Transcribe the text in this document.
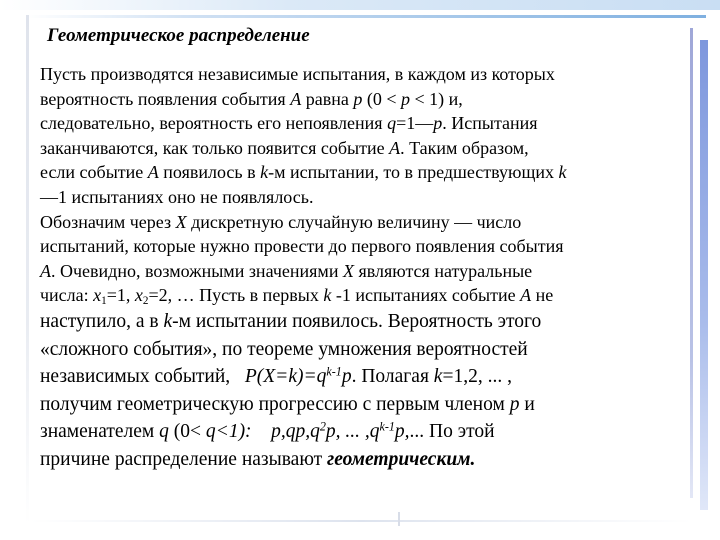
Геометрическое распределение

Пусть производятся независимые испытания, в каждом из которых
вероятность появления события А равна р (0 < р < 1) и,
следовательно, вероятность его непоявления q=1—p. Испытания
заканчиваются, как только появится событие А. Таким образом,
если событие А появилось в k-м испытании, то в предшествующих k
—1 испытаниях оно не появлялось.

Обозначим через X дискретную случайную величину — число
испытаний, которые нужно провести до первого появления события
А. Очевидно, возможными значениями X являются натуральные
числа: $x_1=1$, $x_2=2$, … Пусть в первых k -1 испытаниях событие А не

наступило, а в k-м испытании появилось. Вероятность этого
«сложного события», по теореме умножения вероятностей
независимых событий,   $P(X=k)=q^{k-1}p$. Полагая k=1,2, ... ,
получим геометрическую прогрессию с первым членом р и
знаменателем q (0< q<1):    $p,qp,q^2p$, ... $,q^{k-1}p$,... По этой
причине распределение называют геометрическим.
